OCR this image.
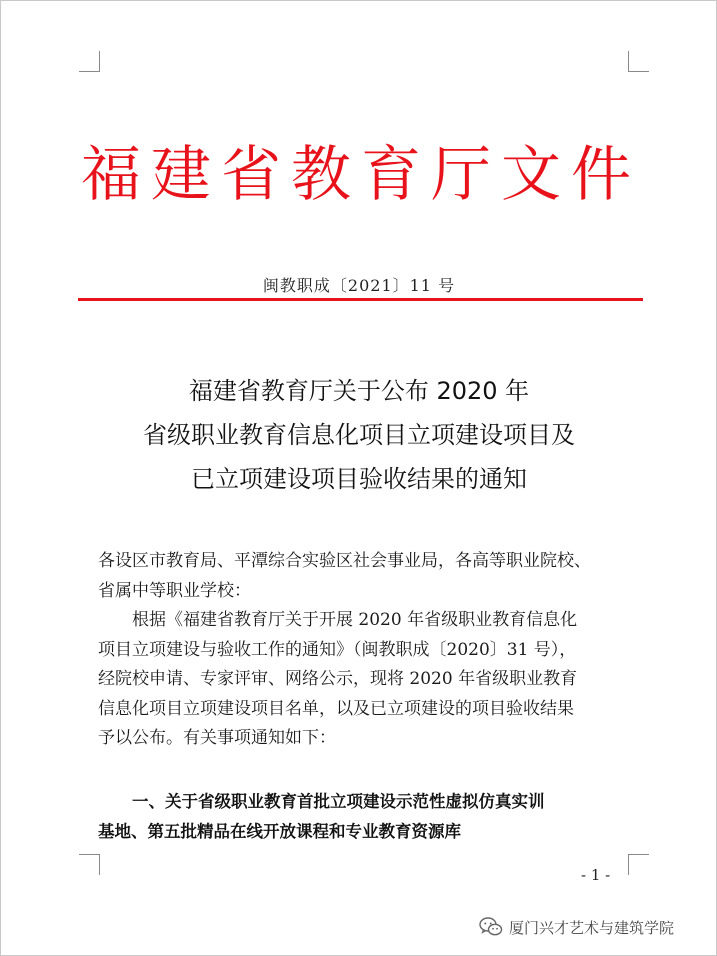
福建省教育厅文件
闽教职成〔2021〕11 号
福建省教育厅关于公布 2020 年
省级职业教育信息化项目立项建设项目及
已立项建设项目验收结果的通知

各设区市教育局、平潭综合实验区社会事业局，各高等职业院校、

省属中等职业学校：

根据《福建省教育厅关于开展 2020 年省级职业教育信息化

项目立项建设与验收工作的通知》（闽教职成〔2020〕31 号），

经院校申请、专家评审、网络公示，现将 2020 年省级职业教育

信息化项目立项建设项目名单，以及已立项建设的项目验收结果

予以公布。有关事项通知如下：

一、关于省级职业教育首批立项建设示范性虚拟仿真实训

基地、第五批精品在线开放课程和专业教育资源库

- 1 -
厦门兴才艺术与建筑学院
